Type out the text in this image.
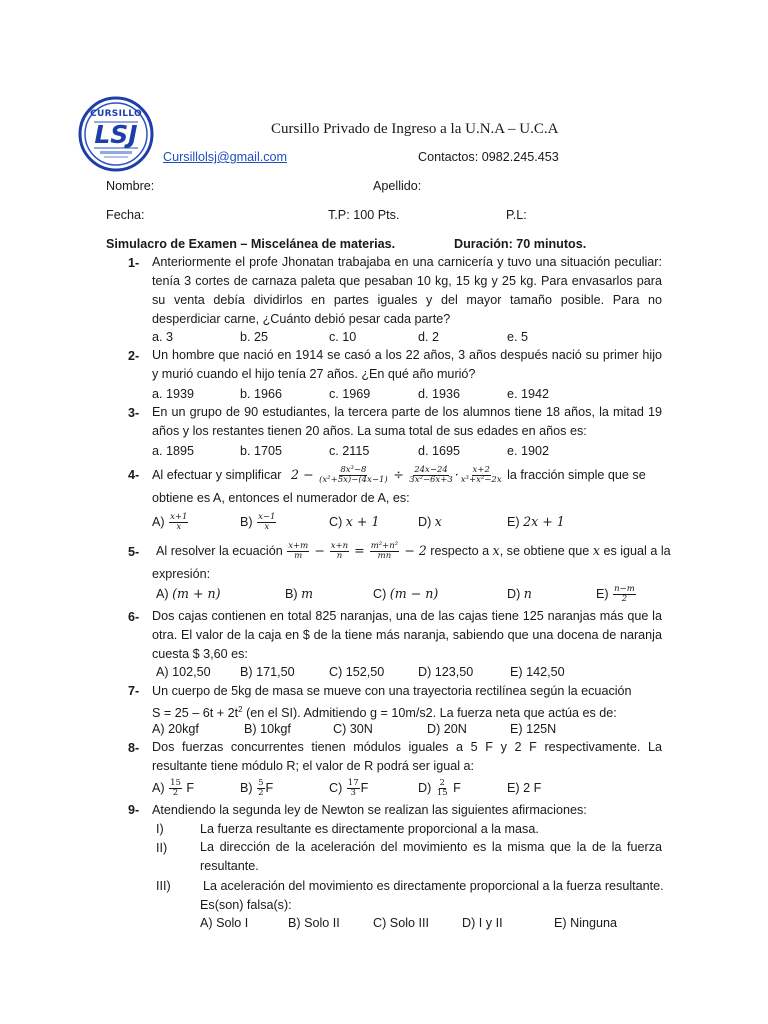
CURSILLO
LSJ	Cursillo Privado de Ingreso a la U.N.A – U.C.A
Cursillolsj@gmail.com	Contactos: 0982.245.453
Nombre:	Apellido:
Fecha:	T.P: 100 Pts.	P.L:
Simulacro de Examen – Miscelánea de materias.	Duración: 70 minutos.
1- Anteriormente el profe Jhonatan trabajaba en una carnicería y tuvo una situación peculiar: tenía 3 cortes de carnaza paleta que pesaban 10 kg, 15 kg y 25 kg. Para envasarlos para su venta debía dividirlos en partes iguales y del mayor tamaño posible. Para no desperdiciar carne, ¿Cuánto debió pesar cada parte?
a. 3	b. 25	c. 10	d. 2	e. 5
2- Un hombre que nació en 1914 se casó a los 22 años, 3 años después nació su primer hijo y murió cuando el hijo tenía 27 años. ¿En qué año murió?
a. 1939	b. 1966	c. 1969	d. 1936	e. 1942
3- En un grupo de 90 estudiantes, la tercera parte de los alumnos tiene 18 años, la mitad 19 años y los restantes tienen 20 años. La suma total de sus edades en años es:
a. 1895	b. 1705	c. 2115	d. 1695	e. 1902
4- Al efectuar y simplificar $2 - \frac{\text{8x³−8}}{\text{(x²+5x)−(4x−1)}} \div \frac{24x-24}{\text{3x²−6x+3}} \cdot \frac{x+2}{\text{x³+x²−2x}}$ la fracción simple que se
obtiene es A, entonces el numerador de A, es:
$A) \frac{x+1}{x}$	$B) \frac{x-1}{x}$	C) x + 1	D) x	E) 2x + 1
5- Al resolver la ecuación $\frac{x+m}{m} - \frac{x+n}{n} = \frac{\text{m²+n²}}{mn} - 2$ respecto a x, se obtiene que x es igual a la
expresión:
A) (m + n)	B) m	C) (m − n)	D) n	$E) \frac{n-m}{2}$
6- Dos cajas contienen en total 825 naranjas, una de las cajas tiene 125 naranjas más que la otra. El valor de la caja en $ de la tiene más naranja, sabiendo que una docena de naranja cuesta $ 3,60 es:
A) 102,50 B) 171,50	C) 152,50	D) 123,50	E) 142,50
7- Un cuerpo de 5kg de masa se mueve con una trayectoria rectilínea según la ecuación
$S = 25 - 6t + 2t^2$ (en el SI). Admitiendo g = 10m/s2. La fuerza neta que actúa es de:
A) 20kgf	B) 10kgf	C) 30N	D) 20N	E) 125N
8- Dos fuerzas concurrentes tienen módulos iguales a 5 F y 2 F respectivamente. La resultante tiene módulo R; el valor de R podrá ser igual a:
$A) \frac{15}{2}$ F	$B) \frac{5}{2}$ F	$C) \frac{17}{3}$ F	$D) \frac{2}{15}$ F	E) 2 F
9- Atendiendo la segunda ley de Newton se realizan las siguientes afirmaciones:
I)	La fuerza resultante es directamente proporcional a la masa.
II)	La dirección de la aceleración del movimiento es la misma que la de la fuerza resultante.
III)	La aceleración del movimiento es directamente proporcional a la fuerza resultante.
Es(son) falsa(s):
A) Solo I	B) Solo II	C) Solo III	D) I y II	E) Ninguna
